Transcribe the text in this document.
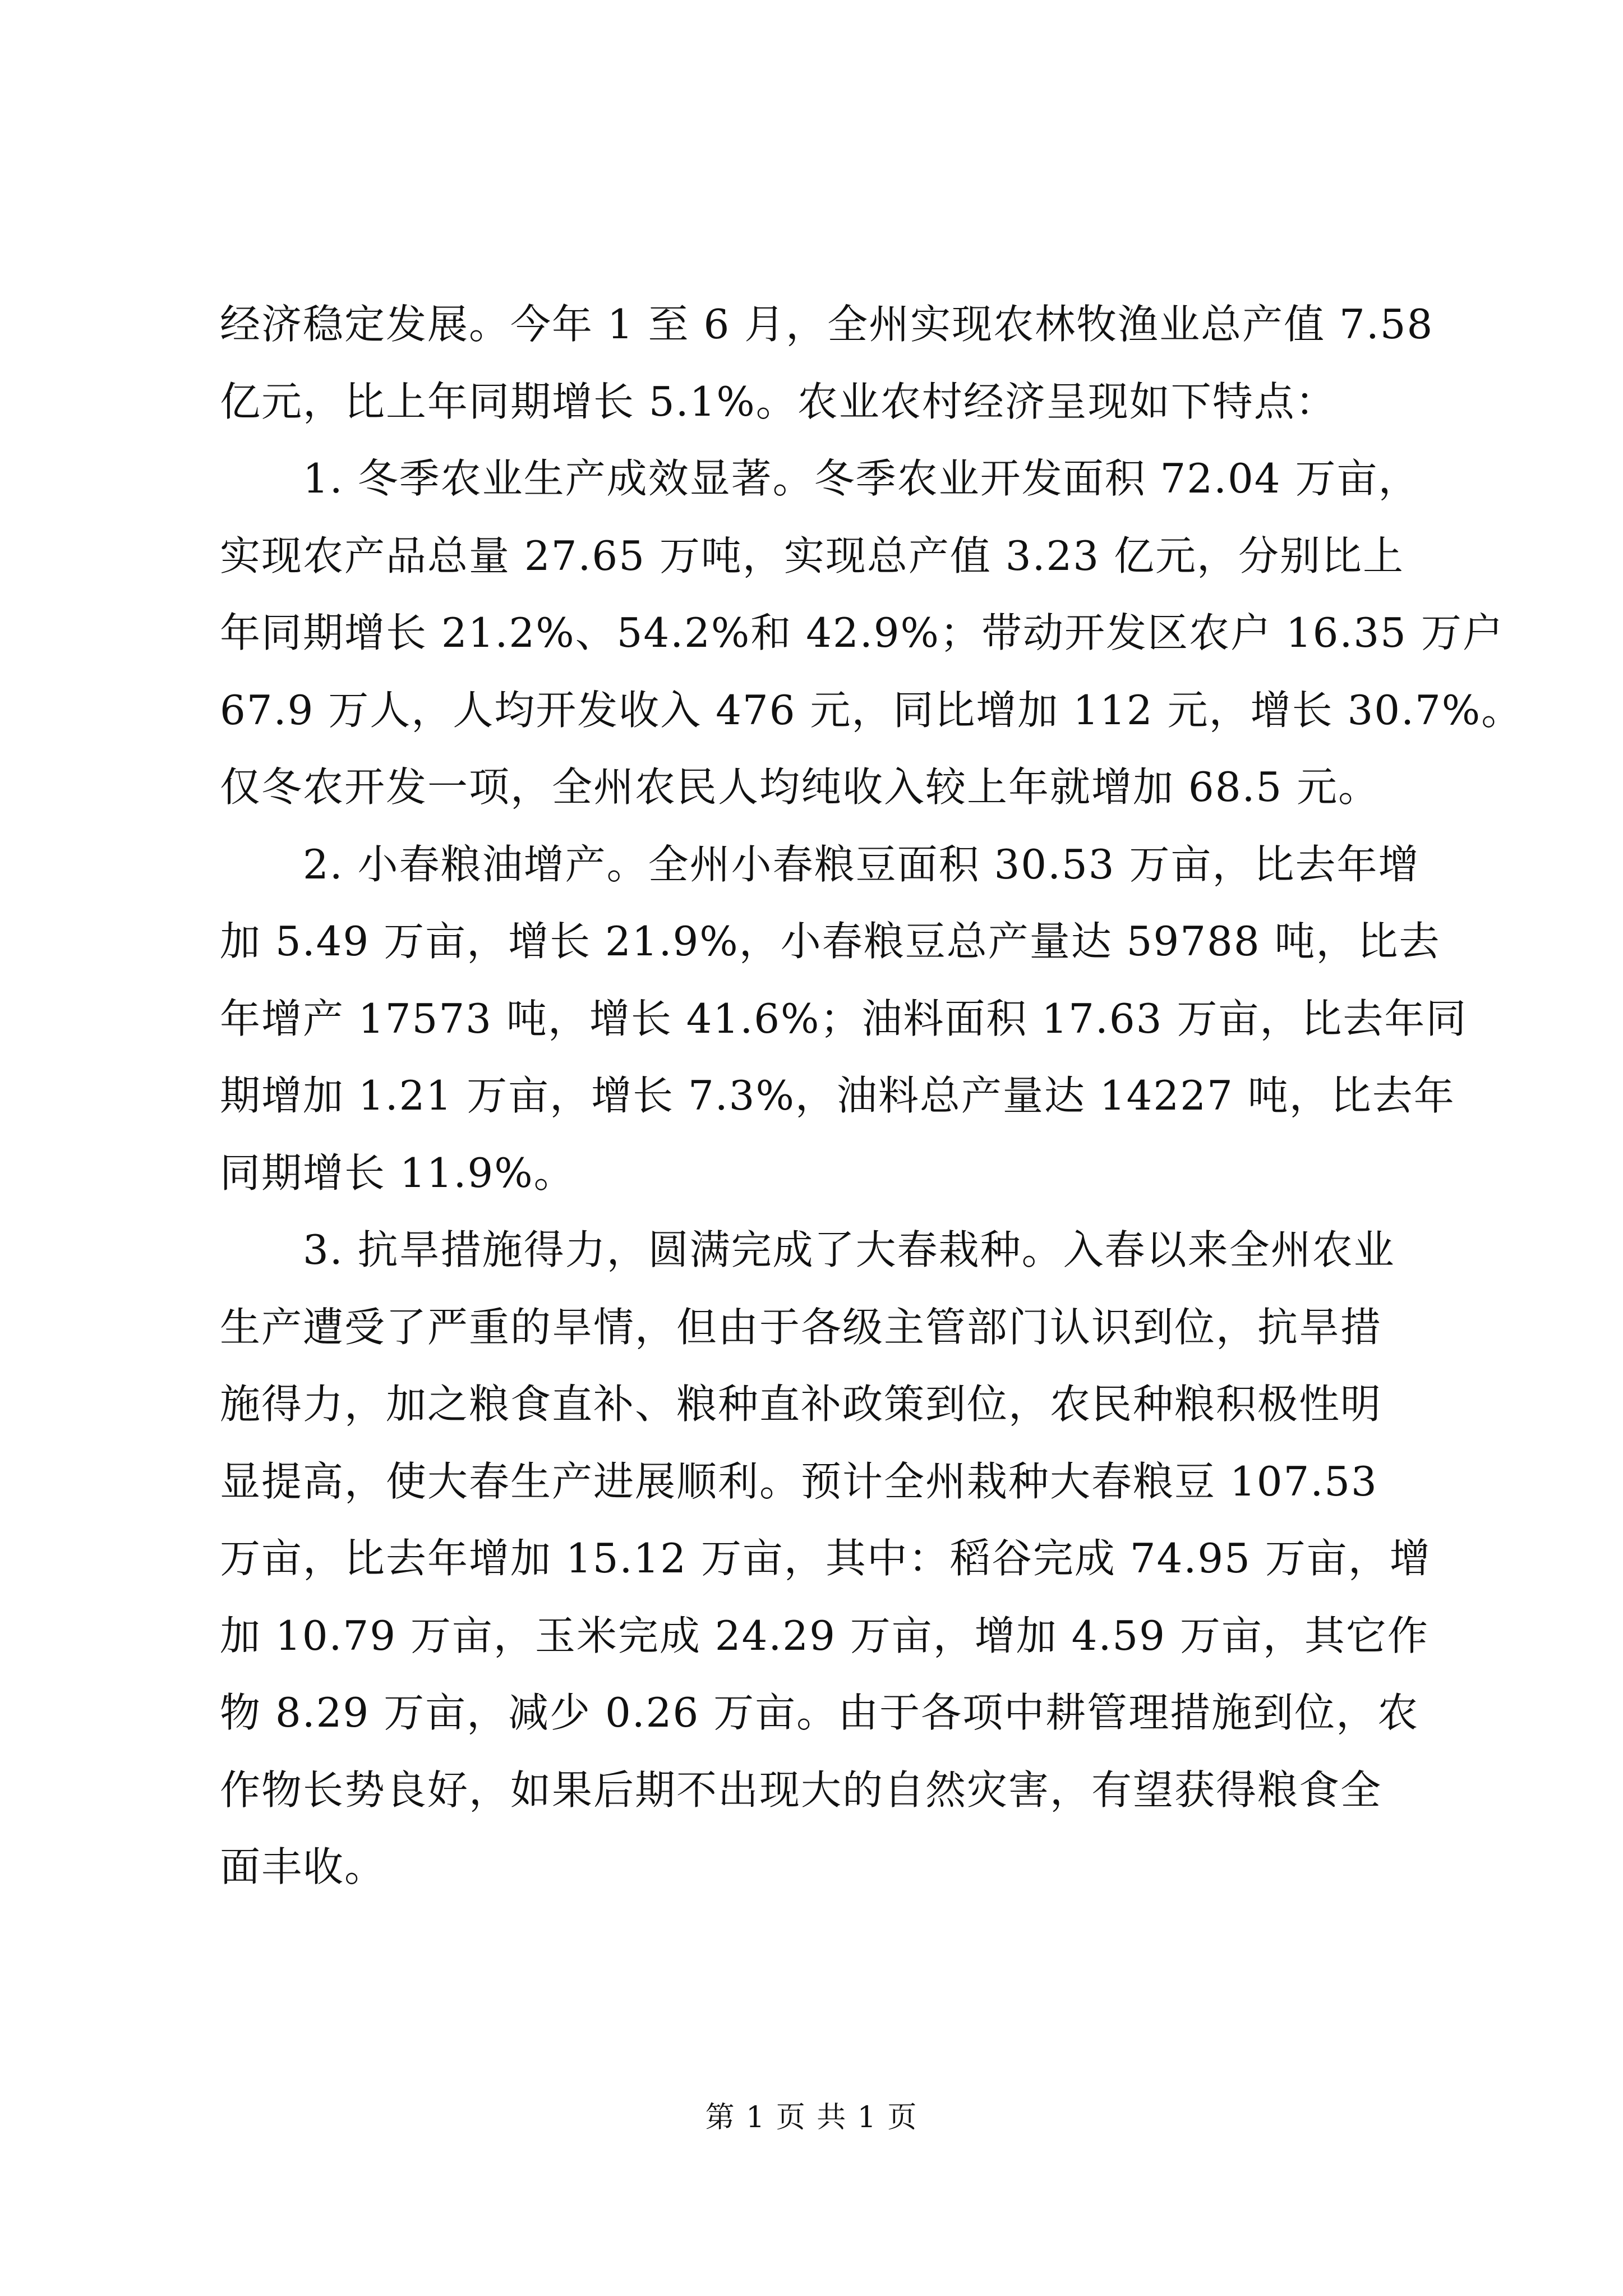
经济稳定发展。今年 1 至 6 月，全州实现农林牧渔业总产值 7.58
亿元，比上年同期增长 5.1%。农业农村经济呈现如下特点：
　　1. 冬季农业生产成效显著。冬季农业开发面积 72.04 万亩，
实现农产品总量 27.65 万吨，实现总产值 3.23 亿元，分别比上
年同期增长 21.2%、54.2%和 42.9%；带动开发区农户 16.35 万户
67.9 万人，人均开发收入 476 元，同比增加 112 元，增长 30.7%。
仅冬农开发一项，全州农民人均纯收入较上年就增加 68.5 元。
　　2. 小春粮油增产。全州小春粮豆面积 30.53 万亩，比去年增
加 5.49 万亩，增长 21.9%，小春粮豆总产量达 59788 吨，比去
年增产 17573 吨，增长 41.6%；油料面积 17.63 万亩，比去年同
期增加 1.21 万亩，增长 7.3%，油料总产量达 14227 吨，比去年
同期增长 11.9%。
　　3. 抗旱措施得力，圆满完成了大春栽种。入春以来全州农业
生产遭受了严重的旱情，但由于各级主管部门认识到位，抗旱措
施得力，加之粮食直补、粮种直补政策到位，农民种粮积极性明
显提高，使大春生产进展顺利。预计全州栽种大春粮豆 107.53
万亩，比去年增加 15.12 万亩，其中：稻谷完成 74.95 万亩，增
加 10.79 万亩，玉米完成 24.29 万亩，增加 4.59 万亩，其它作
物 8.29 万亩，减少 0.26 万亩。由于各项中耕管理措施到位，农
作物长势良好，如果后期不出现大的自然灾害，有望获得粮食全
面丰收。
第 1 页 共 1 页
